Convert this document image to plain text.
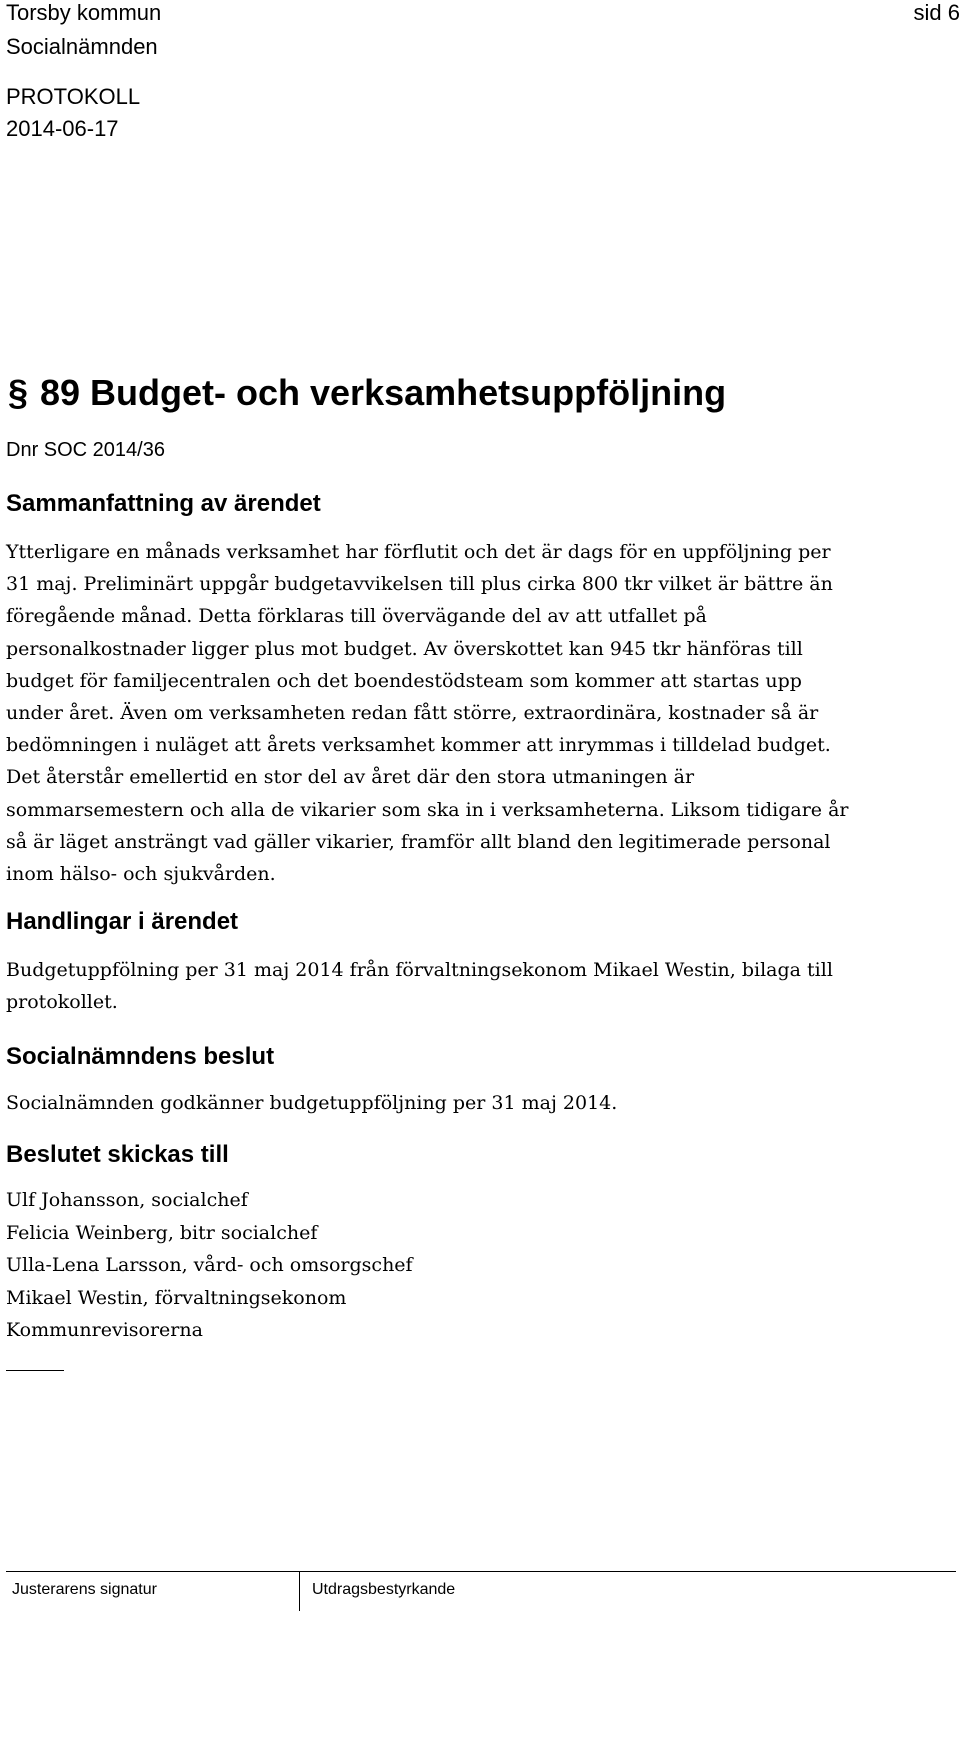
Torsby kommun	sid 6
Socialnämnden
PROTOKOLL
2014-06-17
§ 89 Budget- och verksamhetsuppföljning
Dnr SOC 2014/36
Sammanfattning av ärendet
Ytterligare en månads verksamhet har förflutit och det är dags för en uppföljning per
31 maj. Preliminärt uppgår budgetavvikelsen till plus cirka 800 tkr vilket är bättre än
föregående månad. Detta förklaras till övervägande del av att utfallet på
personalkostnader ligger plus mot budget. Av överskottet kan 945 tkr hänföras till
budget för familjecentralen och det boendestödsteam som kommer att startas upp
under året. Även om verksamheten redan fått större, extraordinära, kostnader så är
bedömningen i nuläget att årets verksamhet kommer att inrymmas i tilldelad budget.
Det återstår emellertid en stor del av året där den stora utmaningen är
sommarsemestern och alla de vikarier som ska in i verksamheterna. Liksom tidigare år
så är läget ansträngt vad gäller vikarier, framför allt bland den legitimerade personal
inom hälso- och sjukvården.
Handlingar i ärendet
Budgetuppfölning per 31 maj 2014 från förvaltningsekonom Mikael Westin, bilaga till
protokollet.
Socialnämndens beslut
Socialnämnden godkänner budgetuppföljning per 31 maj 2014.
Beslutet skickas till
Ulf Johansson, socialchef
Felicia Weinberg, bitr socialchef
Ulla-Lena Larsson, vård- och omsorgschef
Mikael Westin, förvaltningsekonom
Kommunrevisorerna
Justerarens signatur	Utdragsbestyrkande
